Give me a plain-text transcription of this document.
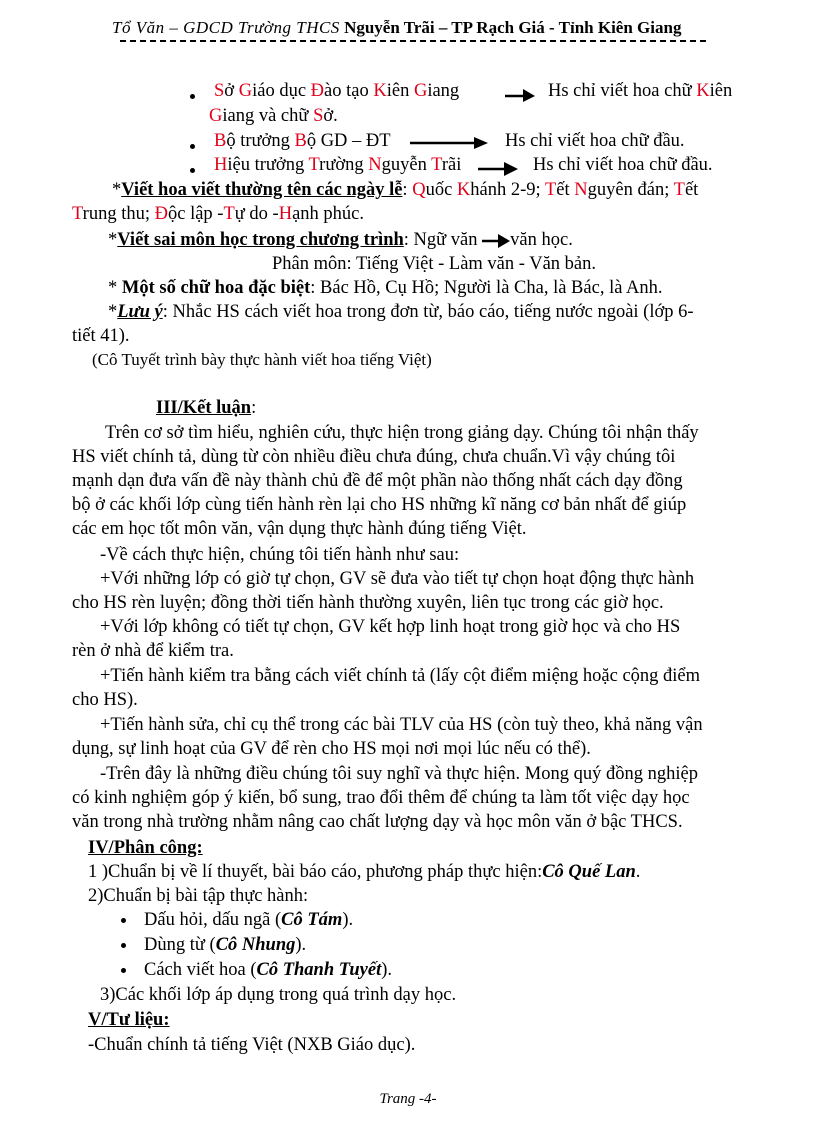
Tổ Văn – GDCD Trường THCS Nguyễn Trãi – TP Rạch Giá - Tỉnh Kiên Giang
Sở Giáo dục Đào tạo Kiên Giang	Hs chỉ viết hoa chữ Kiên
Giang và chữ Sở.
Bộ trưởng Bộ GD – ĐT	Hs chỉ viết hoa chữ đầu.
Hiệu trưởng Trường Nguyễn Trãi	Hs chỉ viết hoa chữ đầu.
*Viết hoa viết thường tên các ngày lễ: Quốc Khánh 2-9; Tết Nguyên đán; Tết
Trung thu; Độc lập -Tự do -Hạnh phúc.
*Viết sai môn học trong chương trình: Ngữ văn văn học.
Phân môn: Tiếng Việt - Làm văn - Văn bản.
* Một số chữ hoa đặc biệt: Bác Hồ, Cụ Hồ; Người là Cha, là Bác, là Anh.
*Lưu ý: Nhắc HS cách viết hoa trong đơn từ, báo cáo, tiếng nước ngoài (lớp 6-
tiết 41).
(Cô Tuyết trình bày thực hành viết hoa tiếng Việt)
III/Kết luận:
Trên cơ sở tìm hiểu, nghiên cứu, thực hiện trong giảng dạy. Chúng tôi nhận thấy
HS viết chính tả, dùng từ còn nhiều điều chưa đúng, chưa chuẩn.Vì vậy chúng tôi
mạnh dạn đưa vấn đề này thành chủ đề để một phần nào thống nhất cách dạy đồng
bộ ở các khối lớp cùng tiến hành rèn lại cho HS những kĩ năng cơ bản nhất để giúp
các em học tốt môn văn, vận dụng thực hành đúng tiếng Việt.
-Về cách thực hiện, chúng tôi tiến hành như sau:
+Với những lớp có giờ tự chọn, GV sẽ đưa vào tiết tự chọn hoạt động thực hành
cho HS rèn luyện; đồng thời tiến hành thường xuyên, liên tục trong các giờ học.
+Với lớp không có tiết tự chọn, GV kết hợp linh hoạt trong giờ học và cho HS
rèn ở nhà để kiểm tra.
+Tiến hành kiểm tra bằng cách viết chính tả (lấy cột điểm miệng hoặc cộng điểm
cho HS).
+Tiến hành sửa, chỉ cụ thể trong các bài TLV của HS (còn tuỳ theo, khả năng vận
dụng, sự linh hoạt của GV để rèn cho HS mọi nơi mọi lúc nếu có thể).
-Trên đây là những điều chúng tôi suy nghĩ và thực hiện. Mong quý đồng nghiệp
có kinh nghiệm góp ý kiến, bổ sung, trao đổi thêm để chúng ta làm tốt việc dạy học
văn trong nhà trường nhằm nâng cao chất lượng dạy và học môn văn ở bậc THCS.
IV/Phân công:
1 )Chuẩn bị về lí thuyết, bài báo cáo, phương pháp thực hiện:Cô Quế Lan.
2)Chuẩn bị bài tập thực hành:
Dấu hỏi, dấu ngã (Cô Tám).
Dùng từ (Cô Nhung).
Cách viết hoa (Cô Thanh Tuyết).
3)Các khối lớp áp dụng trong quá trình dạy học.
V/Tư liệu:
-Chuẩn chính tả tiếng Việt (NXB Giáo dục).
Trang -4-
